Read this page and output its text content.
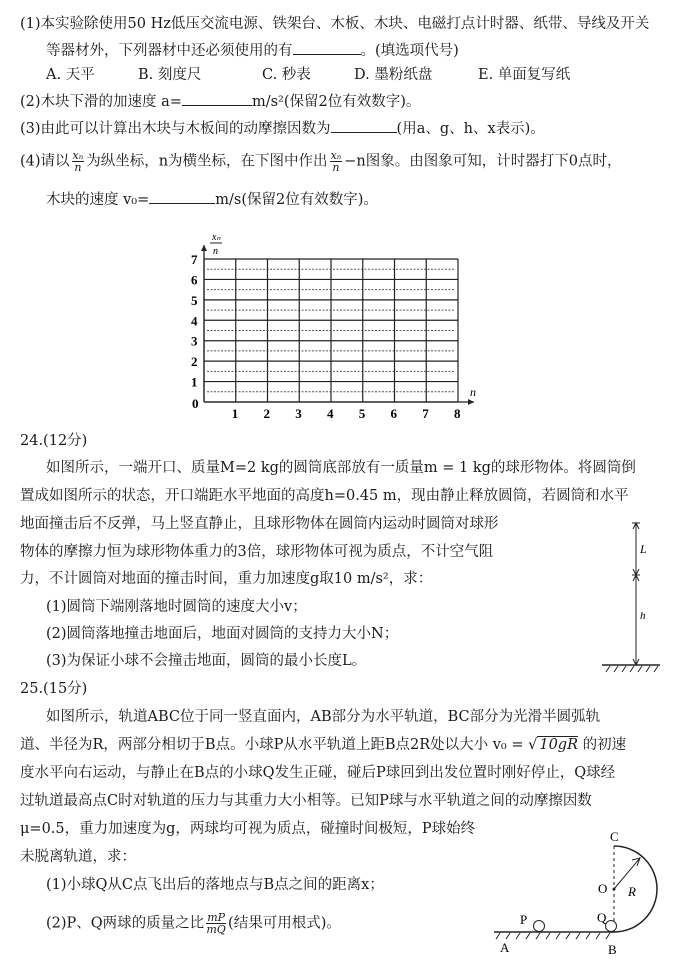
(1)本实验除使用50 Hz低压交流电源、铁架台、木板、木块、电磁打点计时器、纸带、导线及开关
等器材外，下列器材中还必须使用的有	。(填选项代号)
A. 天平	B. 刻度尺	C. 秒表	D. 墨粉纸盘	E. 单面复写纸
(2)木块下滑的加速度 a=	m/s²(保留2位有效数字)。
(3)由此可以计算出木块与木板间的动摩擦因数为	(用a、g、h、x表示)。
(4)请以 $\frac{\text{xₙ}}{n}$ 为纵坐标，n为横坐标，在下图中作出 $\frac{\text{xₙ}}{n} -n$图象。由图象可知，计时器打下0点时，
木块的速度 v₀=	m/s(保留2位有效数字)。
1 2 3 4 5 6 7 8
1
2
3
4
5
6
7
xₙ
n
n
0
24.(12分)
如图所示，一端开口、质量M=2 kg的圆筒底部放有一质量m = 1 kg的球形物体。将圆筒倒
置成如图所示的状态，开口端距水平地面的高度h=0.45 m，现由静止释放圆筒，若圆筒和水平
地面撞击后不反弹，马上竖直静止，且球形物体在圆筒内运动时圆筒对球形
物体的摩擦力恒为球形物体重力的3倍，球形物体可视为质点，不计空气阻
力，不计圆筒对地面的撞击时间，重力加速度g取10 m/s²，求：
(1)圆筒下端刚落地时圆筒的速度大小v；
(2)圆筒落地撞击地面后，地面对圆筒的支持力大小N；
(3)为保证小球不会撞击地面，圆筒的最小长度L。
L
h
25.(15分)
如图所示，轨道ABC位于同一竖直面内，AB部分为水平轨道，BC部分为光滑半圆弧轨
道、半径为R，两部分相切于B点。小球P从水平轨道上距B点2R处以大小 v₀ = √ 10gR 的初速
度水平向右运动，与静止在B点的小球Q发生正碰，碰后P球回到出发位置时刚好停止，Q球经
过轨道最高点C时对轨道的压力与其重力大小相等。已知P球与水平轨道之间的动摩擦因数
μ=0.5，重力加速度为g，两球均可视为质点，碰撞时间极短，P球始终
未脱离轨道，求：
(1)小球Q从C点飞出后的落地点与B点之间的距离x；
(2)P、Q两球的质量之比 $\frac{mP}{mQ}$ (结果可用根式)。
C
O R
P	Q
A	B
